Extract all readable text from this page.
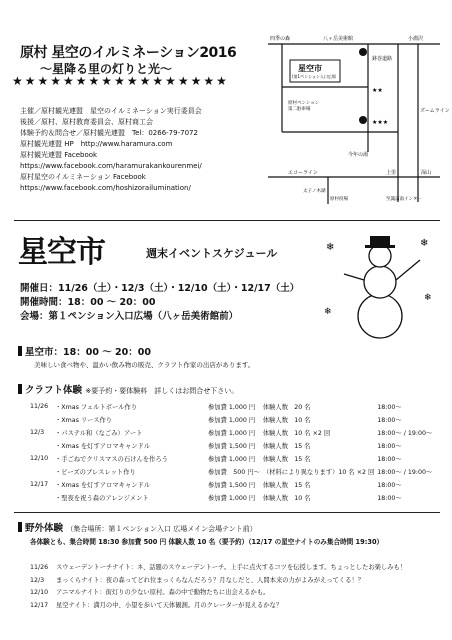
原村 星空のイルミネーション2016
～星降る里の灯りと光～
★★★★★★★★★★★★★★★★★
主催／原村観光連盟　星空のイルミネーション実行委員会
後援／原村、原村教育委員会、原村商工会
体験予約＆問合せ／原村観光連盟　Tel：0266-79-7072
原村観光連盟 HP　http://www.haramura.com
原村観光連盟 Facebook
https://www.facebook.com/haramurakankourenmei/
原村星空のイルミネーション Facebook
https://www.facebook.com/hoshizorailumination/
星空市
(第1ペンション入口広場
四季の森	八ヶ岳美術館	小淵沢
鉢巻道路
原村ペンション
第二駐車場	ズームライン
今年の湯
エコーライン	上里	深山
太子ノ木湖
原村役場	至諏訪南インター
★★
★★★
星空市	週末イベントスケジュール	❄	❄
❄
❄
開催日：11/26（土）・12/3（土）・12/10（土）・12/17（土）
開催時間：18：00 ～ 20：00
会場：第１ペンション入口広場（八ヶ岳美術館前）
星空市：18：00 ～ 20：00
美味しい食べ物や、温かい飲み物の販売、クラフト作家の出店があります。
クラフト体験 ※要予約・要体験料　詳しくはお問合せ下さい。
11/26	・Xmas フェルトボール作り	参加費 1,000 円	体験人数　20 名	18:00～
	・Xmas リース作り	参加費 1,000 円	体験人数　10 名	18:00～
12/3	・パステル和（なごみ）アート	参加費 1,000 円	体験人数　10 名 ×2 回	18:00～ / 19:00～
	・Xmas を灯すアロマキャンドル	参加費 1,500 円	体験人数　15 名	18:00～
12/10	・手ごねでクリスマスの石けんを作ろう	参加費 1,000 円	体験人数　15 名	18:00～
	・ビーズのブレスレット作り	参加費　500 円～	（材料により異なります）10 名 ×2 回	18:00～ / 19:00～
12/17	・Xmas を灯すアロマキャンドル	参加費 1,500 円	体験人数　15 名	18:00～
	・聖夜を祝う森のアレンジメント	参加費 1,000 円	体験人数　10 名	18:00～
野外体験 （集合場所：第１ペンション入口 広場メイン会場テント前）
各体験とも、集合時間 18:30 参加費 500 円 体験人数 10 名（要予約）（12/17 の星空ナイトのみ集合時間 19:30）
11/26 スウェーデントーチナイト：ネ、話題のスウェーデントーチ。上手に点火するコツを伝授します。ちょっとしたお楽しみも！
12/3 まっくらナイト：夜の森ってどれ位まっくらなんだろう？月なしだと、人間本来の力がよみがえってくる！？
12/10 アニマルナイト：街灯りの少ない原村。森の中で動物たちに出会えるかも。
12/17 星空ナイト：満月の中、小望を歩いて天体観測。月のクレーターが見えるかな？
